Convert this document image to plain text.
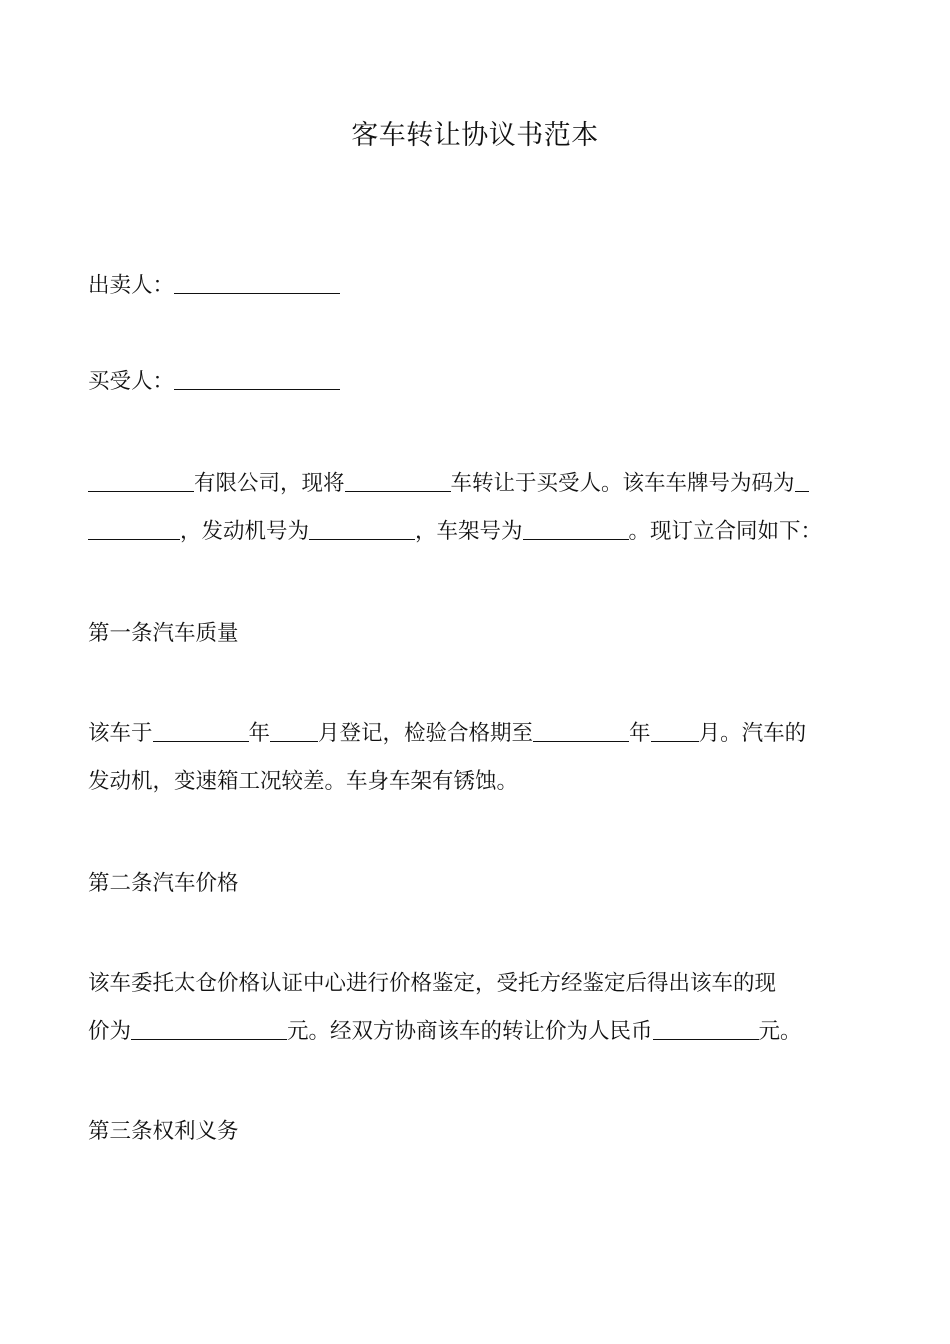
客车转让协议书范本
出卖人：
买受人：
有限公司，现将	车转让于买受人。该车车牌号为码为
，发动机号为	，车架号为	。现订立合同如下：
第一条汽车质量
该车于	年 月登记，检验合格期至	年 月。汽车的
发动机，变速箱工况较差。车身车架有锈蚀。
第二条汽车价格
该车委托太仓价格认证中心进行价格鉴定，受托方经鉴定后得出该车的现
价为	元。经双方协商该车的转让价为人民币	元。
第三条权利义务
